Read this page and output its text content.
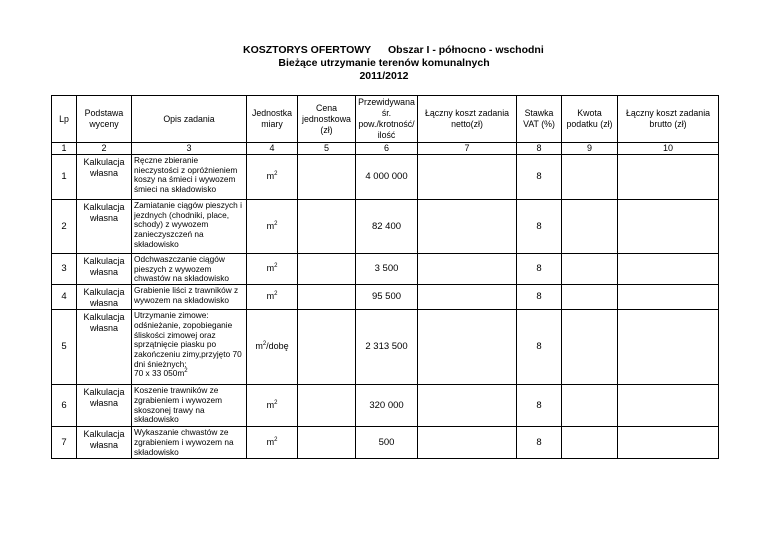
KOSZTORYS OFERTOWY Obszar I - północno - wschodni
Bieżące utrzymanie terenów komunalnych
2011/2012
Lp	Podstawa wyceny	Opis zadania	Jednostka miary	Cena jednostkowa (zł)	Przewidywana śr. pow./krotność/ ilość	Łączny koszt zadania netto(zł)	Stawka VAT (%)	Kwota podatku (zł)	Łączny koszt zadania brutto (zł)
1	2	3	4	5	6	7	8	9	10
1	Kalkulacja własna	Ręczne zbieranie nieczystości z opróżnieniem koszy na śmieci i wywozem śmieci na składowisko	$m^2$		4 000 000		8		
2	Kalkulacja własna	Zamiatanie ciągów pieszych i jezdnych (chodniki, place, schody) z wywozem zanieczyszczeń na składowisko	$m^2$		82 400		8		
3	Kalkulacja własna	Odchwaszczanie ciągów pieszych z wywozem chwastów na składowisko	$m^2$		3 500		8		
4	Kalkulacja własna	Grabienie liści z trawników z wywozem na składowisko	$m^2$		95 500		8		
5	Kalkulacja własna	Utrzymanie zimowe: odśnieżanie, zopobieganie śliskości zimowej oraz sprzątnięcie piasku po zakończeniu zimy,przyjęto 70 dni śnieżnych:
70 x 33 $050m^2$	$m^2$/dobę		2 313 500		8		
6	Kalkulacja własna	Koszenie trawników ze zgrabieniem i wywozem skoszonej trawy na składowisko	$m^2$		320 000		8		
7	Kalkulacja własna	Wykaszanie chwastów ze zgrabieniem i wywozem na składowisko	$m^2$		500		8		
